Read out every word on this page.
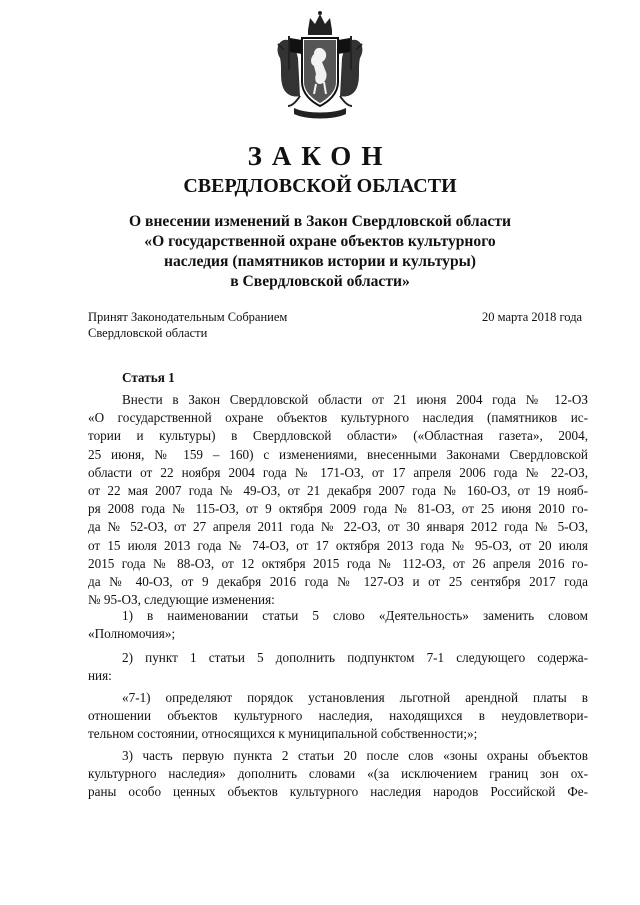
ЗАКОН
СВЕРДЛОВСКОЙ ОБЛАСТИ
О внесении изменений в Закон Свердловской области
«О государственной охране объектов культурного
наследия (памятников истории и культуры)
в Свердловской области»
Принят Законодательным Собранием
Свердловской области
20 марта 2018 года
Статья 1
Внести в Закон Свердловской области от 21 июня 2004 года № 12-ОЗ
«О государственной охране объектов культурного наследия (памятников ис-
тории и культуры) в Свердловской области» («Областная газета», 2004,
25 июня, № 159 – 160) с изменениями, внесенными Законами Свердловской
области от 22 ноября 2004 года № 171-ОЗ, от 17 апреля 2006 года № 22-ОЗ,
от 22 мая 2007 года № 49-ОЗ, от 21 декабря 2007 года № 160-ОЗ, от 19 нояб-
ря 2008 года № 115-ОЗ, от 9 октября 2009 года № 81-ОЗ, от 25 июня 2010 го-
да № 52-ОЗ, от 27 апреля 2011 года № 22-ОЗ, от 30 января 2012 года № 5-ОЗ,
от 15 июля 2013 года № 74-ОЗ, от 17 октября 2013 года № 95-ОЗ, от 20 июля
2015 года № 88-ОЗ, от 12 октября 2015 года № 112-ОЗ, от 26 апреля 2016 го-
да № 40-ОЗ, от 9 декабря 2016 года № 127-ОЗ и от 25 сентября 2017 года
№ 95-ОЗ, следующие изменения:
1) в наименовании статьи 5 слово «Деятельность» заменить словом
«Полномочия»;
2) пункт 1 статьи 5 дополнить подпунктом 7-1 следующего содержа-
ния:
«7-1) определяют порядок установления льготной арендной платы в
отношении объектов культурного наследия, находящихся в неудовлетвори-
тельном состоянии, относящихся к муниципальной собственности;»;
3) часть первую пункта 2 статьи 20 после слов «зоны охраны объектов
культурного наследия» дополнить словами «(за исключением границ зон ох-
раны особо ценных объектов культурного наследия народов Российской Фе-
